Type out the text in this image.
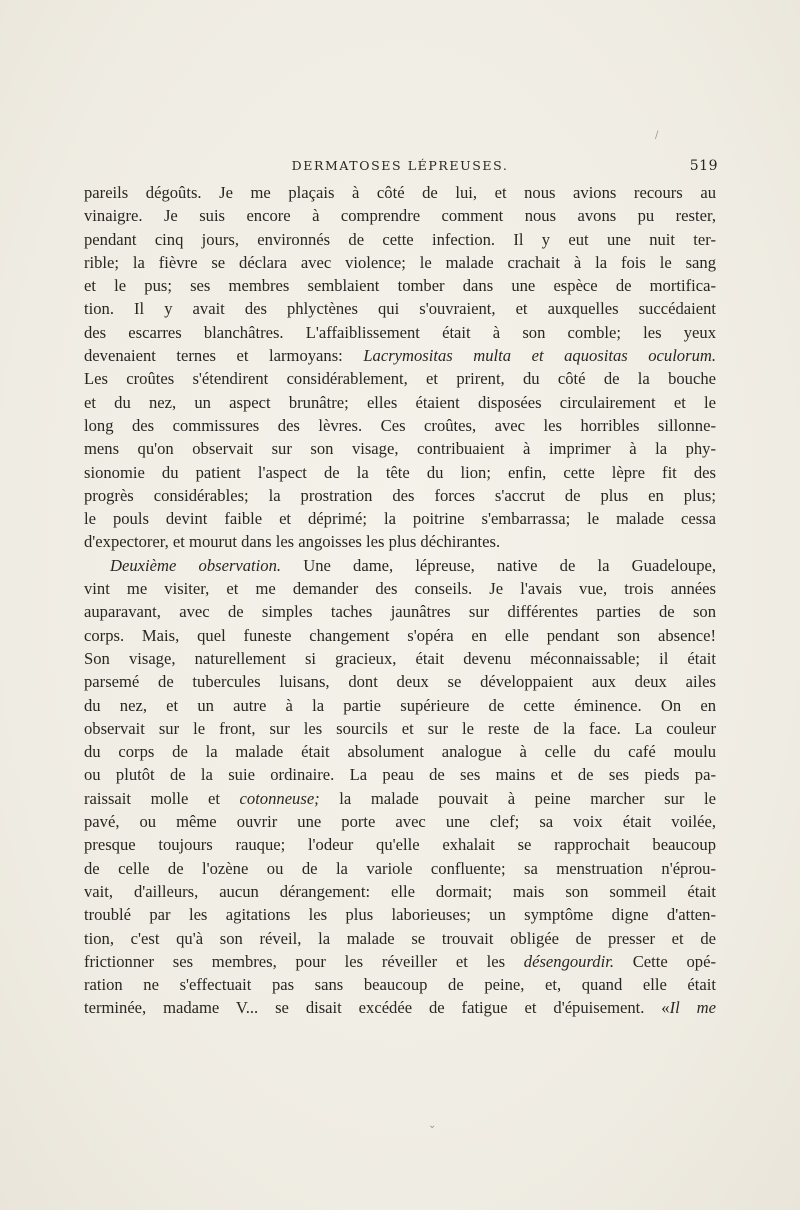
DERMATOSES LÉPREUSES.	519
pareils dégoûts. Je me plaçais à côté de lui, et nous avions recours au
vinaigre. Je suis encore à comprendre comment nous avons pu rester,
pendant cinq jours, environnés de cette infection. Il y eut une nuit ter-
rible; la fièvre se déclara avec violence; le malade crachait à la fois le sang
et le pus; ses membres semblaient tomber dans une espèce de mortifica-
tion. Il y avait des phlyctènes qui s'ouvraient, et auxquelles succédaient
des escarres blanchâtres. L'affaiblissement était à son comble; les yeux
devenaient ternes et larmoyans: Lacrymositas multa et aquositas oculorum.
Les croûtes s'étendirent considérablement, et prirent, du côté de la bouche
et du nez, un aspect brunâtre; elles étaient disposées circulairement et le
long des commissures des lèvres. Ces croûtes, avec les horribles sillonne-
mens qu'on observait sur son visage, contribuaient à imprimer à la phy-
sionomie du patient l'aspect de la tête du lion; enfin, cette lèpre fit des
progrès considérables; la prostration des forces s'accrut de plus en plus;
le pouls devint faible et déprimé; la poitrine s'embarrassa; le malade cessa
d'expectorer, et mourut dans les angoisses les plus déchirantes.
Deuxième observation. Une dame, lépreuse, native de la Guadeloupe,
vint me visiter, et me demander des conseils. Je l'avais vue, trois années
auparavant, avec de simples taches jaunâtres sur différentes parties de son
corps. Mais, quel funeste changement s'opéra en elle pendant son absence!
Son visage, naturellement si gracieux, était devenu méconnaissable; il était
parsemé de tubercules luisans, dont deux se développaient aux deux ailes
du nez, et un autre à la partie supérieure de cette éminence. On en
observait sur le front, sur les sourcils et sur le reste de la face. La couleur
du corps de la malade était absolument analogue à celle du café moulu
ou plutôt de la suie ordinaire. La peau de ses mains et de ses pieds pa-
raissait molle et cotonneuse; la malade pouvait à peine marcher sur le
pavé, ou même ouvrir une porte avec une clef; sa voix était voilée,
presque toujours rauque; l'odeur qu'elle exhalait se rapprochait beaucoup
de celle de l'ozène ou de la variole confluente; sa menstruation n'éprou-
vait, d'ailleurs, aucun dérangement: elle dormait; mais son sommeil était
troublé par les agitations les plus laborieuses; un symptôme digne d'atten-
tion, c'est qu'à son réveil, la malade se trouvait obligée de presser et de
frictionner ses membres, pour les réveiller et les désengourdir. Cette opé-
ration ne s'effectuait pas sans beaucoup de peine, et, quand elle était
terminée, madame V... se disait excédée de fatigue et d'épuisement. «Il me
⌄
/
